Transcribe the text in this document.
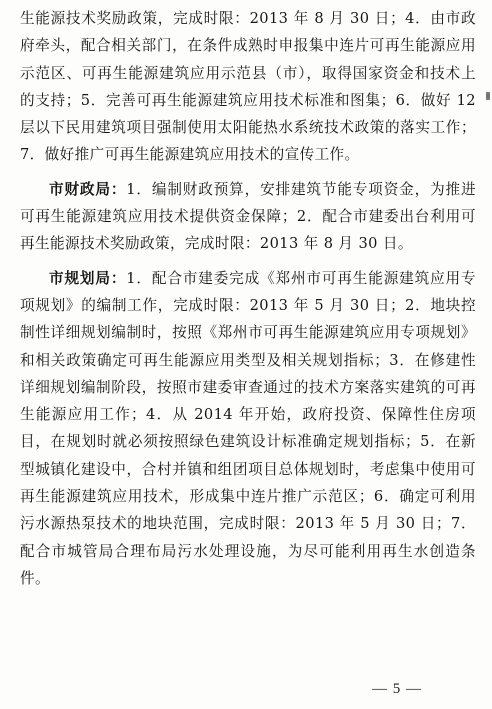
生能源技术奖励政策，完成时限：2013 年 8 月 30 日；4．由市政府牵头，配合相关部门，在条件成熟时申报集中连片可再生能源应用示范区、可再生能源建筑应用示范县（市），取得国家资金和技术上的支持；5．完善可再生能源建筑应用技术标准和图集；6．做好 12 层以下民用建筑项目强制使用太阳能热水系统技术政策的落实工作；7．做好推广可再生能源建筑应用技术的宣传工作。

市财政局：1．编制财政预算，安排建筑节能专项资金，为推进可再生能源建筑应用技术提供资金保障；2．配合市建委出台利用可再生能源技术奖励政策，完成时限：2013 年 8 月 30 日。

市规划局：1．配合市建委完成《郑州市可再生能源建筑应用专项规划》的编制工作，完成时限：2013 年 5 月 30 日；2．地块控制性详细规划编制时，按照《郑州市可再生能源建筑应用专项规划》和相关政策确定可再生能源应用类型及相关规划指标；3．在修建性详细规划编制阶段，按照市建委审查通过的技术方案落实建筑的可再生能源应用工作；4．从 2014 年开始，政府投资、保障性住房项目，在规划时就必须按照绿色建筑设计标准确定规划指标；5．在新型城镇化建设中，合村并镇和组团项目总体规划时，考虑集中使用可再生能源建筑应用技术，形成集中连片推广示范区；6．确定可利用污水源热泵技术的地块范围，完成时限：2013 年 5 月 30 日；7．配合市城管局合理布局污水处理设施，为尽可能利用再生水创造条件。

— 5 —
